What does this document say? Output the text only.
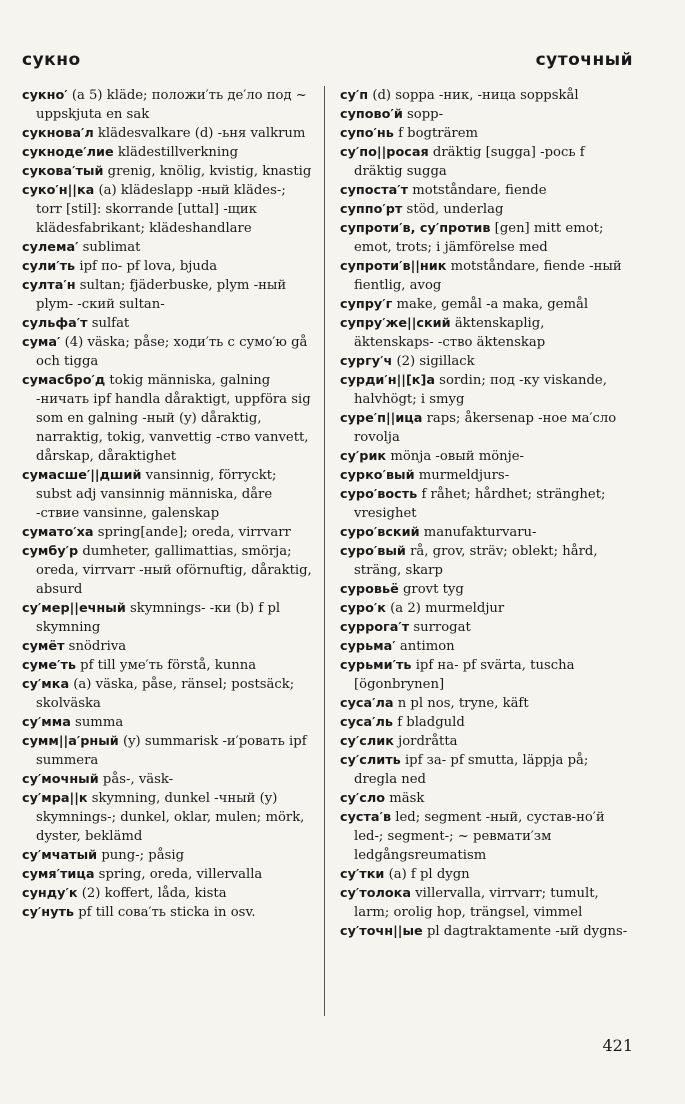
сукно	суточный

сукно′ (a 5) kläde; положи′ть де′ло под ~ uppskjuta en sak

сукнова′л klädesvalkare (d) -ьня valkrum

сукноде′лие klädestillverkning

сукова′тый grenig, knölig, kvistig, knastig

суко′н||ка (a) klädeslapp -ный klädes-; torr [stil]: skorrande [uttal] -щик klädesfabrikant; klädeshandlare

сулема′ sublimat

сули′ть ipf по- pf lova, bjuda

султа′н sultan; fjäderbuske, plym -ный plym- -ский sultan-

сульфа′т sulfat

сума′ (4) väska; påse; ходи′ть с сумо′ю gå och tigga

сумасбро′д tokig människa, galning -ничать ipf handla dåraktigt, uppföra sig som en galning -ный (y) dåraktig, narraktig, tokig, vanvettig -ство vanvett, dårskap, dåraktighet

сумасше′||дший vansinnig, förryckt; subst adj vansinnig människa, dåre -ствие vansinne, galenskap

сумато′ха spring[ande]; oreda, virrvarr

сумбу′р dumheter, gallimattias, smörja; oreda, virrvarr -ный oförnuftig, dåraktig, absurd

су′мер||ечный skymnings- -ки (b) f pl skymning

сумёт snödriva

суме′ть pf till уме′ть förstå, kunna

су′мка (a) väska, påse, ränsel; postsäck; skolväska

су′мма summa

сумм||а′рный (y) summarisk -и′ровать ipf summera

су′мочный pås-, väsk-

су′мра||к skymning, dunkel -чный (y) skymnings-; dunkel, oklar, mulen; mörk, dyster, beklämd

су′мчатый pung-; påsig

сумя′тица spring, oreda, villervalla

сунду′к (2) koffert, låda, kista

су′нуть pf till сова′ть sticka in osv.

су′п (d) soppa -ник, -ница soppskål

супово′й sopp-

супо′нь f bogträrem

су′по||росая dräktig [sugga] -рось f dräktig sugga

супоста′т motståndare, fiende

суппо′рт stöd, underlag

супроти′в, су′против [gen] mitt emot; emot, trots; i jämförelse med

супроти′в||ник motståndare, fiende -ный fientlig, avog

супру′г make, gemål -а maka, gemål

супру′же||ский äktenskaplig, äktenskaps- -ство äktenskap

сургу′ч (2) sigillack

сурди′н||[к]а sordin; под -ку viskande, halvhögt; i smyg

суре′п||ица raps; åkersenap -ное ма′сло rovolja

су′рик mönja -овый mönje-

сурко′вый murmeldjurs-

суро′вость f råhet; hårdhet; stränghet; vresighet

суро′вский manufakturvaru-

суро′вый rå, grov, sträv; oblekt; hård, sträng, skarp

суровьё grovt tyg

суро′к (a 2) murmeldjur

суррога′т surrogat

сурьма′ antimon

сурьми′ть ipf на- pf svärta, tuscha [ögonbrynen]

суса′ла n pl nos, tryne, käft

суса′ль f bladguld

су′слик jordråtta

су′слить ipf за- pf smutta, läppja på; dregla ned

су′сло mäsk

суста′в led; segment -ный, сустав-но′й led-; segment-; ~ ревмати′зм ledgångsreumatism

су′тки (a) f pl dygn

су′толока villervalla, virrvarr; tumult, larm; orolig hop, trängsel, vimmel

су′точн||ые pl dagtraktamente -ый dygns-

421
